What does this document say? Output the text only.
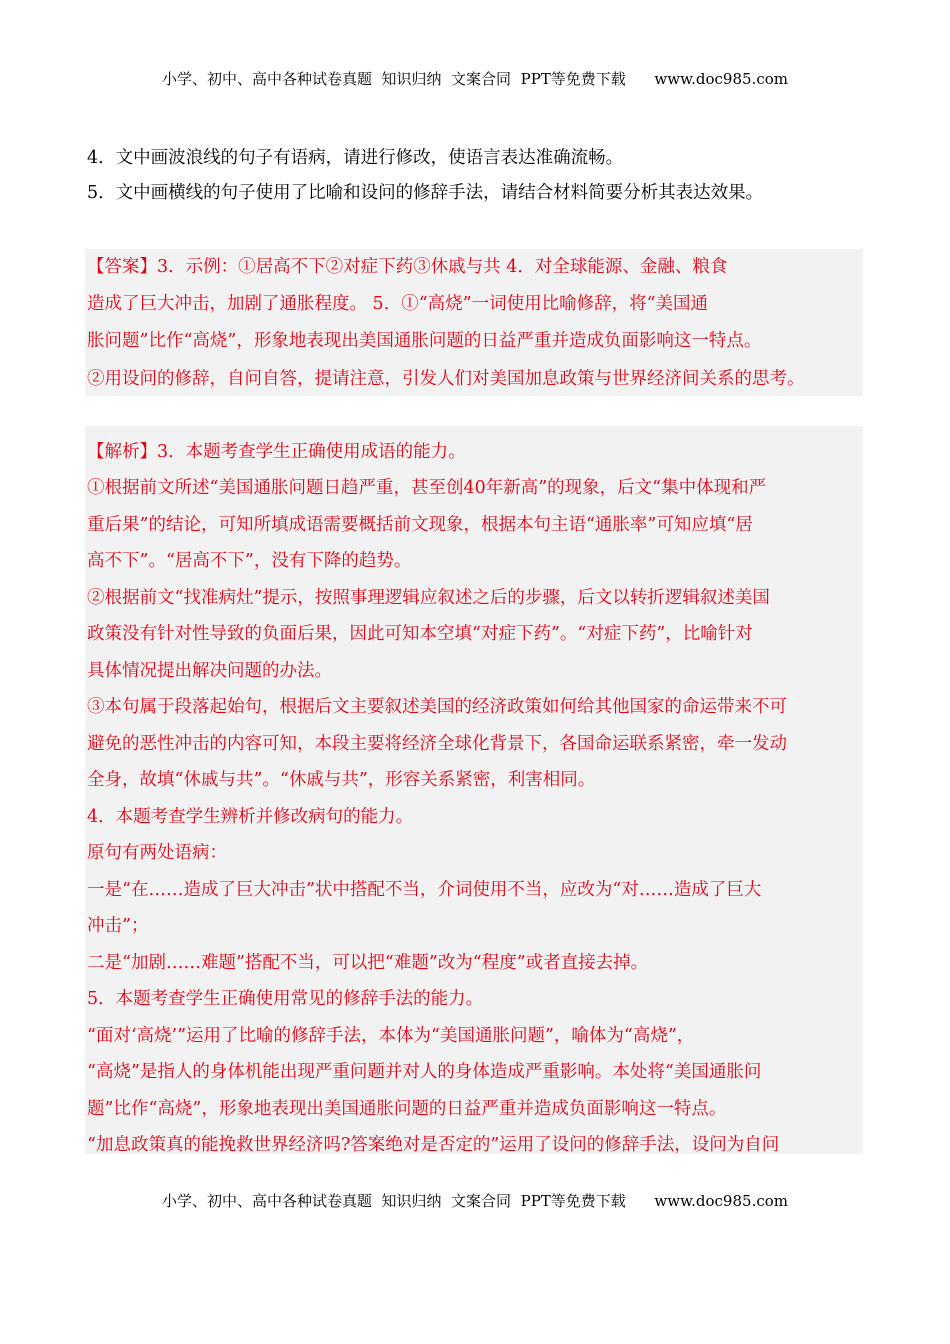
小学、初中、高中各种试卷真题  知识归纳  文案合同  PPT等免费下载      www.doc985.com
4．文中画波浪线的句子有语病，请进行修改，使语言表达准确流畅。
5．文中画横线的句子使用了比喻和设问的修辞手法，请结合材料简要分析其表达效果。
【答案】3．示例：①居高不下②对症下药③休戚与共 4．对全球能源、金融、粮食
造成了巨大冲击，加剧了通胀程度。 5．①“高烧”一词使用比喻修辞，将“美国通
胀问题”比作“高烧”，形象地表现出美国通胀问题的日益严重并造成负面影响这一特点。
②用设问的修辞，自问自答，提请注意，引发人们对美国加息政策与世界经济间关系的思考。
【解析】3．本题考查学生正确使用成语的能力。
①根据前文所述“美国通胀问题日趋严重，甚至创40年新高”的现象，后文“集中体现和严
重后果”的结论，可知所填成语需要概括前文现象，根据本句主语“通胀率”可知应填“居
高不下”。“居高不下”，没有下降的趋势。
②根据前文“找准病灶”提示，按照事理逻辑应叙述之后的步骤，后文以转折逻辑叙述美国
政策没有针对性导致的负面后果，因此可知本空填“对症下药”。“对症下药”，比喻针对
具体情况提出解决问题的办法。
③本句属于段落起始句，根据后文主要叙述美国的经济政策如何给其他国家的命运带来不可
避免的恶性冲击的内容可知，本段主要将经济全球化背景下，各国命运联系紧密，牵一发动
全身，故填“休戚与共”。“休戚与共”，形容关系紧密，利害相同。
4．本题考查学生辨析并修改病句的能力。
原句有两处语病：
一是“在……造成了巨大冲击”状中搭配不当，介词使用不当，应改为“对……造成了巨大
冲击”；
二是“加剧……难题”搭配不当，可以把“难题”改为“程度”或者直接去掉。
5．本题考查学生正确使用常见的修辞手法的能力。
“面对‘高烧’”运用了比喻的修辞手法，本体为“美国通胀问题”，喻体为“高烧”，
“高烧”是指人的身体机能出现严重问题并对人的身体造成严重影响。本处将“美国通胀问
题”比作“高烧”，形象地表现出美国通胀问题的日益严重并造成负面影响这一特点。
“加息政策真的能挽救世界经济吗?答案绝对是否定的”运用了设问的修辞手法，设问为自问
小学、初中、高中各种试卷真题  知识归纳  文案合同  PPT等免费下载      www.doc985.com
